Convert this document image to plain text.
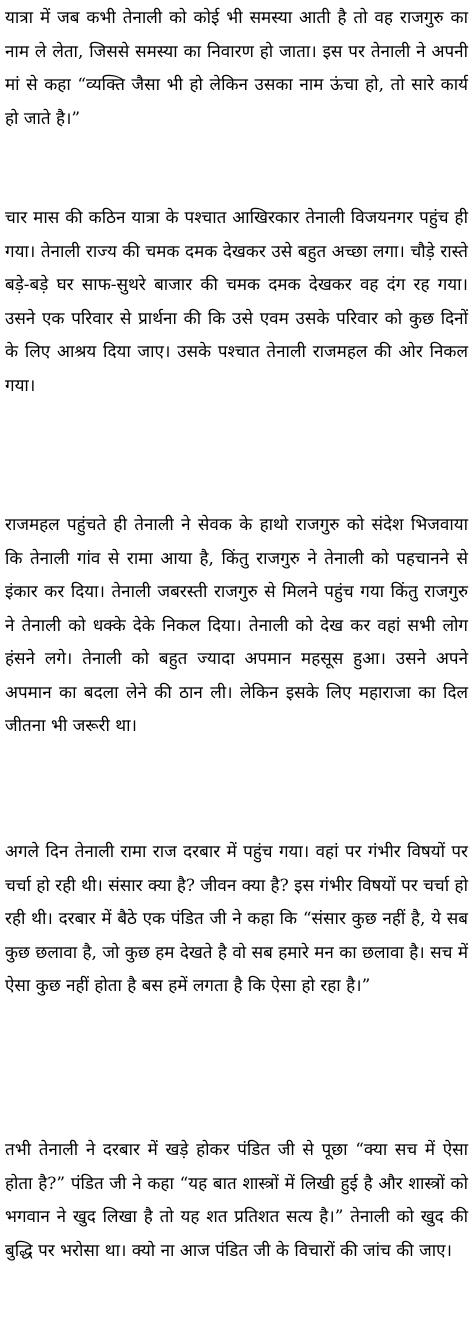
यात्रा में जब कभी तेनाली को कोई भी समस्या आती है तो वह राजगुरु का नाम ले लेता, जिससे समस्या का निवारण हो जाता। इस पर तेनाली ने अपनी मां से कहा “व्यक्ति जैसा भी हो लेकिन उसका नाम ऊंचा हो, तो सारे कार्य हो जाते है।”

चार मास की कठिन यात्रा के पश्चात आखिरकार तेनाली विजयनगर पहुंच ही गया। तेनाली राज्य की चमक दमक देखकर उसे बहुत अच्छा लगा। चौड़े रास्ते बड़े-बड़े घर साफ-सुथरे बाजार की चमक दमक देखकर वह दंग रह गया। उसने एक परिवार से प्रार्थना की कि उसे एवम उसके परिवार को कुछ दिनों के लिए आश्रय दिया जाए। उसके पश्चात तेनाली राजमहल की ओर निकल गया।

राजमहल पहुंचते ही तेनाली ने सेवक के हाथो राजगुरु को संदेश भिजवाया कि तेनाली गांव से रामा आया है, किंतु राजगुरु ने तेनाली को पहचानने से इंकार कर दिया। तेनाली जबरस्ती राजगुरु से मिलने पहुंच गया किंतु राजगुरु ने तेनाली को धक्के देके निकल दिया। तेनाली को देख कर वहां सभी लोग हंसने लगे। तेनाली को बहुत ज्यादा अपमान महसूस हुआ। उसने अपने अपमान का बदला लेने की ठान ली। लेकिन इसके लिए महाराजा का दिल जीतना भी जरूरी था।

अगले दिन तेनाली रामा राज दरबार में पहुंच गया। वहां पर गंभीर विषयों पर चर्चा हो रही थी। संसार क्या है? जीवन क्या है? इस गंभीर विषयों पर चर्चा हो रही थी। दरबार में बैठे एक पंडित जी ने कहा कि “संसार कुछ नहीं है, ये सब कुछ छलावा है, जो कुछ हम देखते है वो सब हमारे मन का छलावा है। सच में ऐसा कुछ नहीं होता है बस हमें लगता है कि ऐसा हो रहा है।”

तभी तेनाली ने दरबार में खड़े होकर पंडित जी से पूछा “क्या सच में ऐसा होता है?” पंडित जी ने कहा “यह बात शास्त्रों में लिखी हुई है और शास्त्रों को भगवान ने खुद लिखा है तो यह शत प्रतिशत सत्य है।” तेनाली को खुद की बुद्धि पर भरोसा था। क्यो ना आज पंडित जी के विचारों की जांच की जाए।
